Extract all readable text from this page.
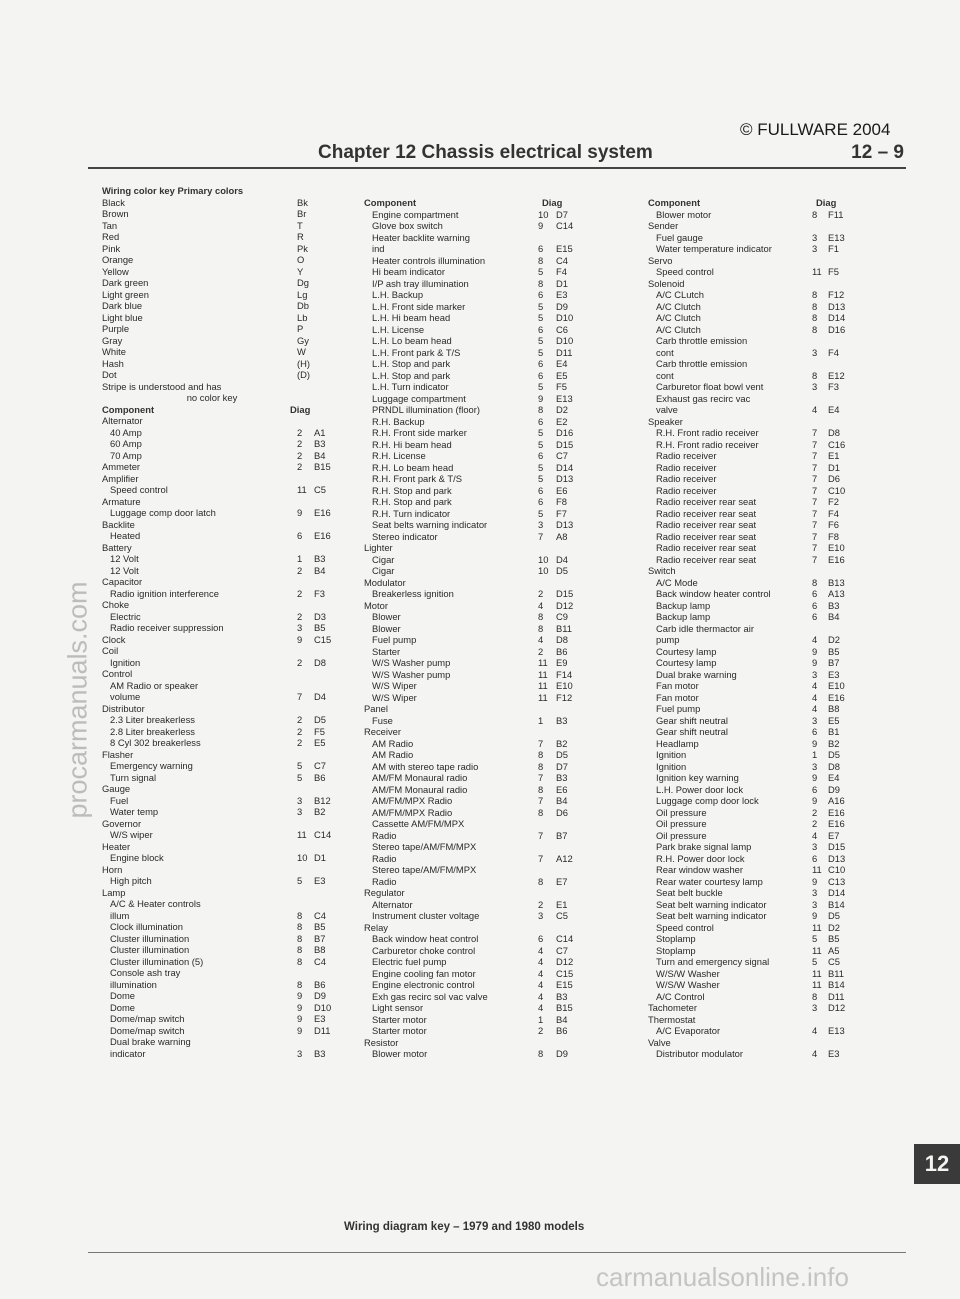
© FULLWARE 2004
Chapter 12 Chassis electrical system	12 – 9
Wiring color key Primary colors
Black	Bk
Brown	Br
Tan	T
Red	R
Pink	Pk
Orange	O
Yellow	Y
Dark green	Dg
Light green	Lg
Dark blue	Db
Light blue	Lb
Purple	P
Gray	Gy
White	W
Hash	(H)
Dot	(D)
Stripe is understood and has
no color key
Component	Diag
Alternator
40 Amp	2 A1
60 Amp	2 B3
70 Amp	2 B4
Ammeter	2 B15
Amplifier
Speed control	11 C5
Armature
Luggage comp door latch	9 E16
Backlite
Heated	6 E16
Battery
12 Volt	1 B3
12 Volt	2 B4
Capacitor
Radio ignition interference	2 F3
Choke
Electric	2 D3
Radio receiver suppression	3 B5
Clock	9 C15
Coil
Ignition	2 D8
Control
AM Radio or speaker
volume	7 D4
Distributor
2.3 Liter breakerless	2 D5
2.8 Liter breakerless	2 F5
8 Cyl 302 breakerless	2 E5
Flasher
Emergency warning	5 C7
Turn signal	5 B6
Gauge
Fuel	3 B12
Water temp	3 B2
Governor
W/S wiper	11 C14
Heater
Engine block	10 D1
Horn
High pitch	5 E3
Lamp
A/C & Heater controls
illum	8 C4
Clock illumination	8 B5
Cluster illumination	8 B7
Cluster illumination	8 B8
Cluster illumination (5)	8 C4
Console ash tray
illumination	8 B6
Dome	9 D9
Dome	9 D10
Dome/map switch	9 E3
Dome/map switch	9 D11
Dual brake warning
indicator	3 B3
Component	Diag
Engine compartment	10 D7
Glove box switch	9 C14
Heater backlite warning
ind	6 E15
Heater controls illumination	8 C4
Hi beam indicator	5 F4
I/P ash tray illumination	8 D1
L.H. Backup	6 E3
L.H. Front side marker	5 D9
L.H. Hi beam head	5 D10
L.H. License	6 C6
L.H. Lo beam head	5 D10
L.H. Front park & T/S	5 D11
L.H. Stop and park	6 E4
L.H. Stop and park	6 E5
L.H. Turn indicator	5 F5
Luggage compartment	9 E13
PRNDL illumination (floor)	8 D2
R.H. Backup	6 E2
R.H. Front side marker	5 D16
R.H. Hi beam head	5 D15
R.H. License	6 C7
R.H. Lo beam head	5 D14
R.H. Front park & T/S	5 D13
R.H. Stop and park	6 E6
R.H. Stop and park	6 F8
R.H. Turn indicator	5 F7
Seat belts warning indicator	3 D13
Stereo indicator	7 A8
Lighter
Cigar	10 D4
Cigar	10 D5
Modulator
Breakerless ignition	2 D15
Motor	4 D12
Blower	8 C9
Blower	8 B11
Fuel pump	4 D8
Starter	2 B6
W/S Washer pump	11 E9
W/S Washer pump	11 F14
W/S Wiper	11 E10
W/S Wiper	11 F12
Panel
Fuse	1 B3
Receiver
AM Radio	7 B2
AM Radio	8 D5
AM with stereo tape radio	8 D7
AM/FM Monaural radio	7 B3
AM/FM Monaural radio	8 E6
AM/FM/MPX Radio	7 B4
AM/FM/MPX Radio	8 D6
Cassette AM/FM/MPX
Radio	7 B7
Stereo tape/AM/FM/MPX
Radio	7 A12
Stereo tape/AM/FM/MPX
Radio	8 E7
Regulator
Alternator	2 E1
Instrument cluster voltage	3 C5
Relay
Back window heat control	6 C14
Carburetor choke control	4 C7
Electric fuel pump	4 D12
Engine cooling fan motor	4 C15
Engine electronic control	4 E15
Exh gas recirc sol vac valve	4 B3
Light sensor	4 B15
Starter motor	1 B4
Starter motor	2 B6
Resistor
Blower motor	8 D9
Component	Diag
Blower motor	8 F11
Sender
Fuel gauge	3 E13
Water temperature indicator	3 F1
Servo
Speed control	11 F5
Solenoid
A/C CLutch	8 F12
A/C Clutch	8 D13
A/C Clutch	8 D14
A/C Clutch	8 D16
Carb throttle emission
cont	3 F4
Carb throttle emission
cont	8 E12
Carburetor float bowl vent	3 F3
Exhaust gas recirc vac
valve	4 E4
Speaker
R.H. Front radio receiver	7 D8
R.H. Front radio receiver	7 C16
Radio receiver	7 E1
Radio receiver	7 D1
Radio receiver	7 D6
Radio receiver	7 C10
Radio receiver rear seat	7 F2
Radio receiver rear seat	7 F4
Radio receiver rear seat	7 F6
Radio receiver rear seat	7 F8
Radio receiver rear seat	7 E10
Radio receiver rear seat	7 E16
Switch
A/C Mode	8 B13
Back window heater control	6 A13
Backup lamp	6 B3
Backup lamp	6 B4
Carb idle thermactor air
pump	4 D2
Courtesy lamp	9 B5
Courtesy lamp	9 B7
Dual brake warning	3 E3
Fan motor	4 E10
Fan motor	4 E16
Fuel pump	4 B8
Gear shift neutral	3 E5
Gear shift neutral	6 B1
Headlamp	9 B2
Ignition	1 D5
Ignition	3 D8
Ignition key warning	9 E4
L.H. Power door lock	6 D9
Luggage comp door lock	9 A16
Oil pressure	2 E16
Oil pressure	2 E16
Oil pressure	4 E7
Park brake signal lamp	3 D15
R.H. Power door lock	6 D13
Rear window washer	11 C10
Rear water courtesy lamp	9 C13
Seat belt buckle	3 D14
Seat belt warning indicator	3 B14
Seat belt warning indicator	9 D5
Speed control	11 D2
Stoplamp	5 B5
Stoplamp	11 A5
Turn and emergency signal	5 C5
W/S/W Washer	11 B11
W/S/W Washer	11 B14
A/C Control	8 D11
Tachometer	3 D12
Thermostat
A/C Evaporator	4 E13
Valve
Distributor modulator	4 E3
Wiring diagram key – 1979 and 1980 models
12
procarmanuals.com
carmanualsonline.info
